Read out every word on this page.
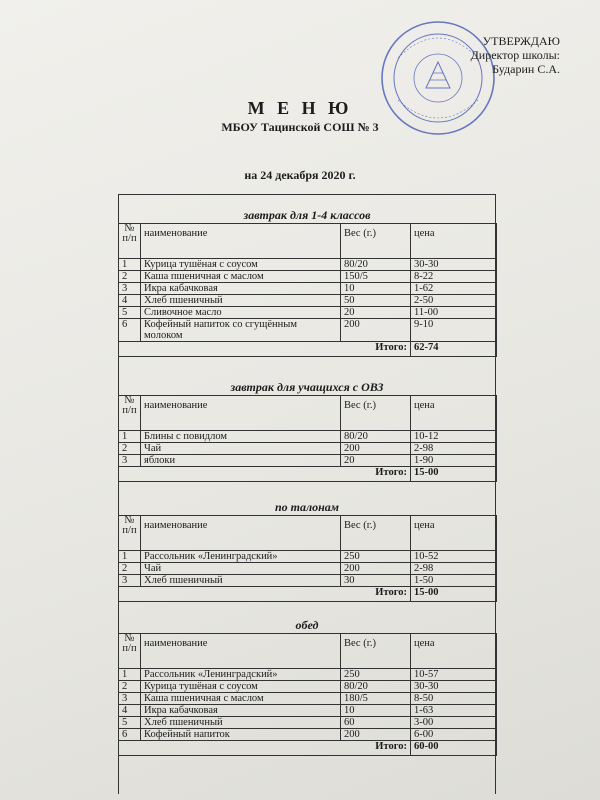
УТВЕРЖДАЮ
Директор школы:
Бударин С.А.
М Е Н Ю
МБОУ Тацинской СОШ № 3
на 24 декабря 2020 г.
завтрак для 1-4 классов
№ п/п	наименование	Вес (г.)	цена
1	Курица тушёная с соусом	80/20	30-30
2	Каша пшеничная с маслом	150/5	8-22
3	Икра кабачковая	10	1-62
4	Хлеб пшеничный	50	2-50
5	Сливочное масло	20	11-00
6	Кофейный напиток со сгущённым молоком	200	9-10
Итого:			62-74
завтрак для учащихся с ОВЗ
№ п/п	наименование	Вес (г.)	цена
1	Блины с повидлом	80/20	10-12
2	Чай	200	2-98
3	яблоки	20	1-90
Итого:			15-00
по талонам
№ п/п	наименование	Вес (г.)	цена
1	Рассольник «Ленинградский»	250	10-52
2	Чай	200	2-98
3	Хлеб пшеничный	30	1-50
Итого:			15-00
обед
№ п/п	наименование	Вес (г.)	цена
1	Рассольник «Ленинградский»	250	10-57
2	Курица тушёная с соусом	80/20	30-30
3	Каша пшеничная с маслом	180/5	8-50
4	Икра кабачковая	10	1-63
5	Хлеб пшеничный	60	3-00
6	Кофейный напиток	200	6-00
Итого:			60-00
